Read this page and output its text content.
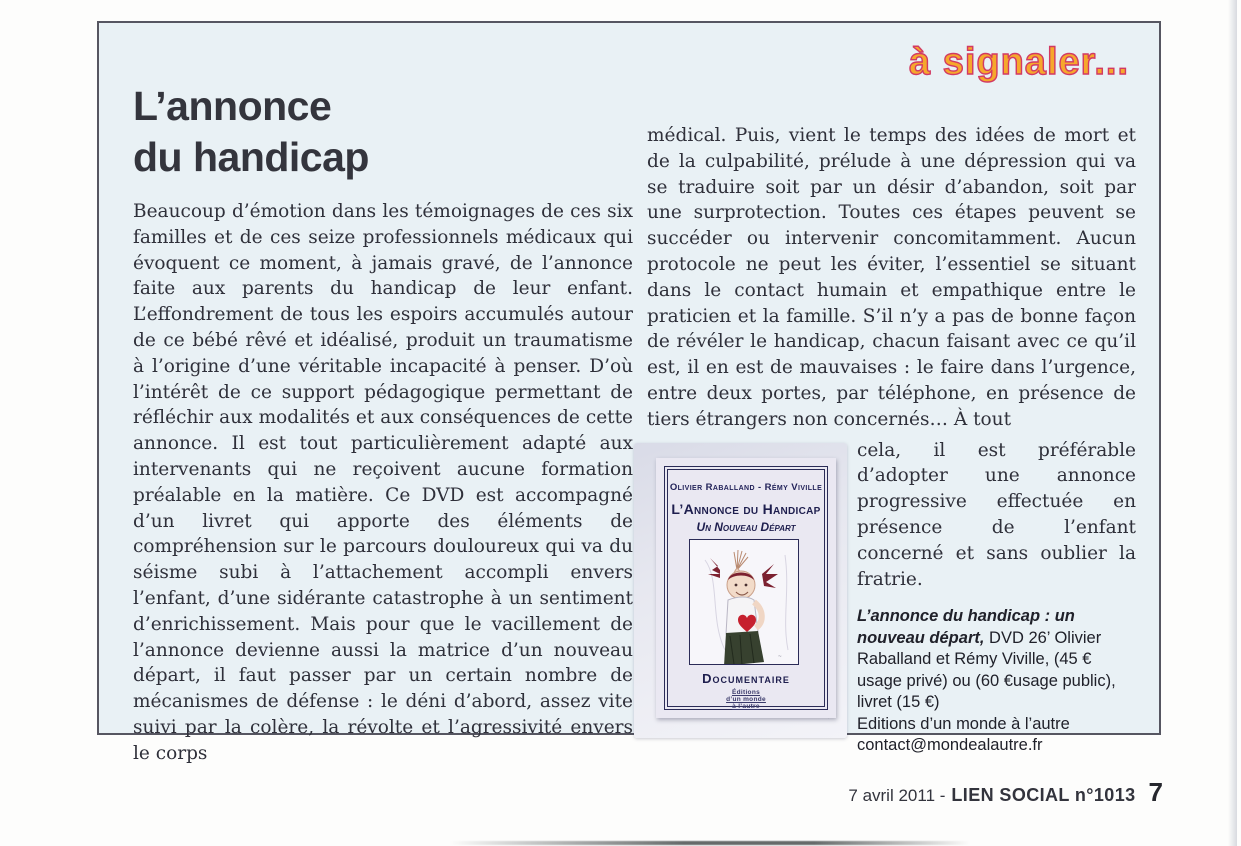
à signaler...
L’annonce
du handicap
Beaucoup d’émotion dans les témoignages de ces six familles et de ces seize professionnels médicaux qui évoquent ce moment, à jamais gravé, de l’annonce faite aux parents du handicap de leur enfant. L’effondrement de tous les espoirs accumulés autour de ce bébé rêvé et idéalisé, produit un traumatisme à l’origine d’une véritable incapacité à penser. D’où l’intérêt de ce support pédagogique permettant de réfléchir aux modalités et aux conséquences de cette annonce. Il est tout particulièrement adapté aux intervenants qui ne reçoivent aucune formation préalable en la matière. Ce DVD est accompagné d’un livret qui apporte des éléments de compréhension sur le parcours douloureux qui va du séisme subi à l’attachement accompli envers l’enfant, d’une sidérante catastrophe à un sentiment d’enrichissement. Mais pour que le vacillement de l’annonce devienne aussi la matrice d’un nouveau départ, il faut passer par un certain nombre de mécanismes de défense : le déni d’abord, assez vite suivi par la colère, la révolte et l’agressivité envers le corps

médical. Puis, vient le temps des idées de mort et de la culpabilité, prélude à une dépression qui va se traduire soit par un désir d’abandon, soit par une surprotection. Toutes ces étapes peuvent se succéder ou intervenir concomitamment. Aucun protocole ne peut les éviter, l’essentiel se situant dans le contact humain et empathique entre le praticien et la famille. S’il n’y a pas de bonne façon de révéler le handicap, chacun faisant avec ce qu’il est, il en est de mauvaises : le faire dans l’urgence, entre deux portes, par téléphone, en présence de tiers étrangers non concernés… À tout

Olivier Raballand - Rémy Viville
L’Annonce du Handicap
Un Nouveau Départ
~
Documentaire
Éditions
d’un monde
à l’autre

cela, il est préférable d’adopter une annonce progressive effectuée en présence de l’enfant concerné et sans oublier la fratrie.

L’annonce du handicap : un nouveau départ, DVD 26’ Olivier Raballand et Rémy Viville, (45 € usage privé) ou (60 €usage public), livret (15 €)
Editions d’un monde à l’autre
contact@mondealautre.fr
7 avril 2011 - LIEN SOCIAL n°1013 7
